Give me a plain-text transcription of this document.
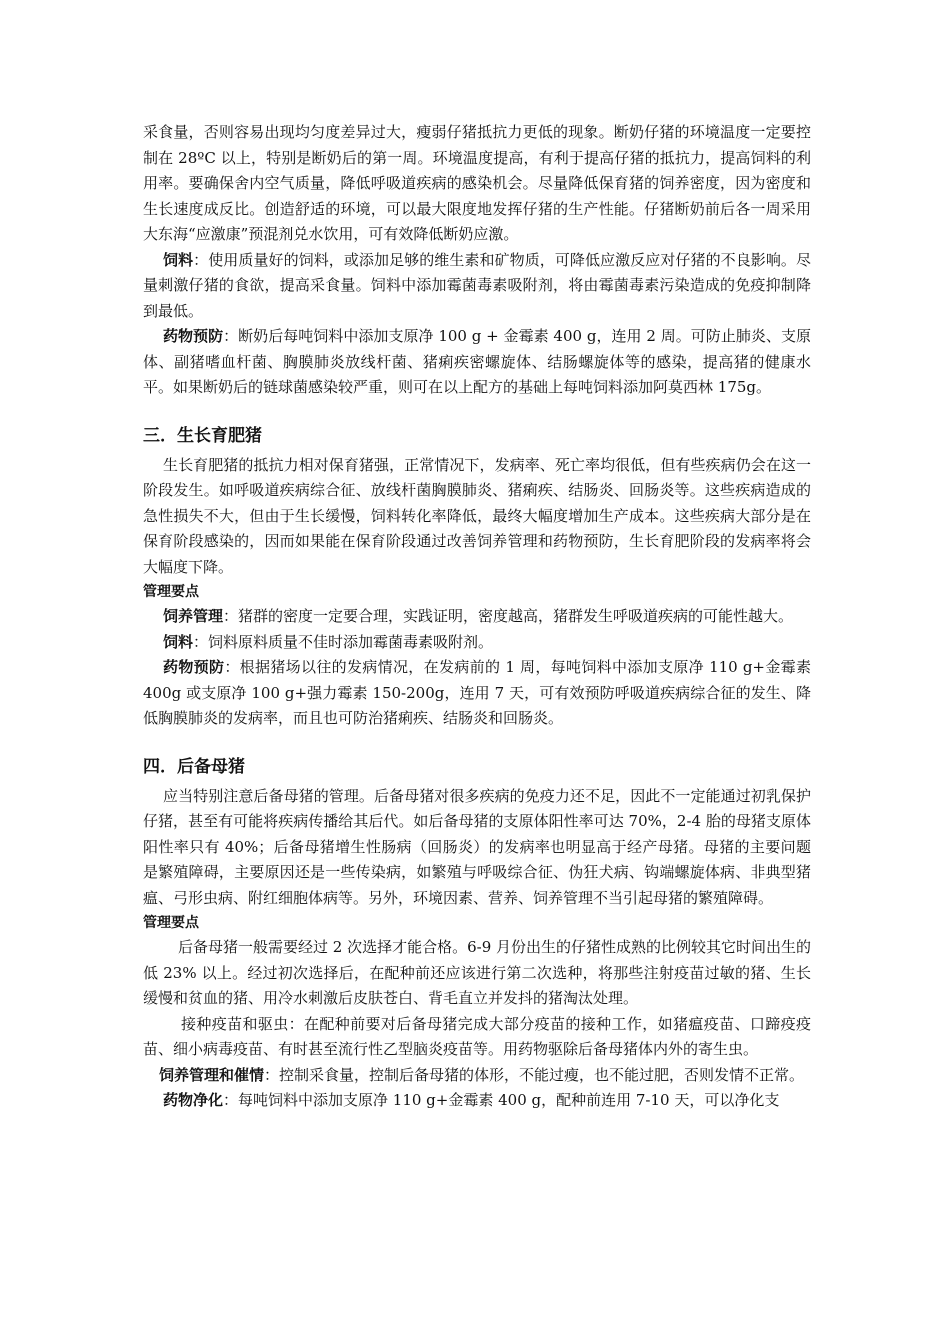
采食量，否则容易出现均匀度差异过大，瘦弱仔猪抵抗力更低的现象。断奶仔猪的环境温度一定要控制在 28ºC 以上，特别是断奶后的第一周。环境温度提高，有利于提高仔猪的抵抗力，提高饲料的利用率。要确保舍内空气质量，降低呼吸道疾病的感染机会。尽量降低保育猪的饲养密度，因为密度和生长速度成反比。创造舒适的环境，可以最大限度地发挥仔猪的生产性能。仔猪断奶前后各一周采用大东海“应激康”预混剂兑水饮用，可有效降低断奶应激。

饲料：使用质量好的饲料，或添加足够的维生素和矿物质，可降低应激反应对仔猪的不良影响。尽量刺激仔猪的食欲，提高采食量。饲料中添加霉菌毒素吸附剂，将由霉菌毒素污染造成的免疫抑制降到最低。

药物预防：断奶后每吨饲料中添加支原净 100 g + 金霉素 400 g，连用 2 周。可防止肺炎、支原体、副猪嗜血杆菌、胸膜肺炎放线杆菌、猪痢疾密螺旋体、结肠螺旋体等的感染，提高猪的健康水平。如果断奶后的链球菌感染较严重，则可在以上配方的基础上每吨饲料添加阿莫西林 175g。

三．生长育肥猪

生长育肥猪的抵抗力相对保育猪强，正常情况下，发病率、死亡率均很低，但有些疾病仍会在这一阶段发生。如呼吸道疾病综合征、放线杆菌胸膜肺炎、猪痢疾、结肠炎、回肠炎等。这些疾病造成的急性损失不大，但由于生长缓慢，饲料转化率降低，最终大幅度增加生产成本。这些疾病大部分是在保育阶段感染的，因而如果能在保育阶段通过改善饲养管理和药物预防，生长育肥阶段的发病率将会大幅度下降。

管理要点

饲养管理：猪群的密度一定要合理，实践证明，密度越高，猪群发生呼吸道疾病的可能性越大。

饲料：饲料原料质量不佳时添加霉菌毒素吸附剂。

药物预防：根据猪场以往的发病情况，在发病前的 1 周，每吨饲料中添加支原净 110 g+金霉素 400g 或支原净 100 g+强力霉素 150-200g，连用 7 天，可有效预防呼吸道疾病综合征的发生、降低胸膜肺炎的发病率，而且也可防治猪痢疾、结肠炎和回肠炎。

四．后备母猪

应当特别注意后备母猪的管理。后备母猪对很多疾病的免疫力还不足，因此不一定能通过初乳保护仔猪，甚至有可能将疾病传播给其后代。如后备母猪的支原体阳性率可达 70%，2-4 胎的母猪支原体阳性率只有 40%；后备母猪增生性肠病（回肠炎）的发病率也明显高于经产母猪。母猪的主要问题是繁殖障碍，主要原因还是一些传染病，如繁殖与呼吸综合征、伪狂犬病、钩端螺旋体病、非典型猪瘟、弓形虫病、附红细胞体病等。另外，环境因素、营养、饲养管理不当引起母猪的繁殖障碍。

管理要点

后备母猪一般需要经过 2 次选择才能合格。6-9 月份出生的仔猪性成熟的比例较其它时间出生的低 23% 以上。经过初次选择后，在配种前还应该进行第二次选种，将那些注射疫苗过敏的猪、生长缓慢和贫血的猪、用冷水刺激后皮肤苍白、背毛直立并发抖的猪淘汰处理。

接种疫苗和驱虫：在配种前要对后备母猪完成大部分疫苗的接种工作，如猪瘟疫苗、口蹄疫疫苗、细小病毒疫苗、有时甚至流行性乙型脑炎疫苗等。用药物驱除后备母猪体内外的寄生虫。

饲养管理和催情：控制采食量，控制后备母猪的体形，不能过瘦，也不能过肥，否则发情不正常。

药物净化：每吨饲料中添加支原净 110 g+金霉素 400 g，配种前连用 7-10 天，可以净化支
